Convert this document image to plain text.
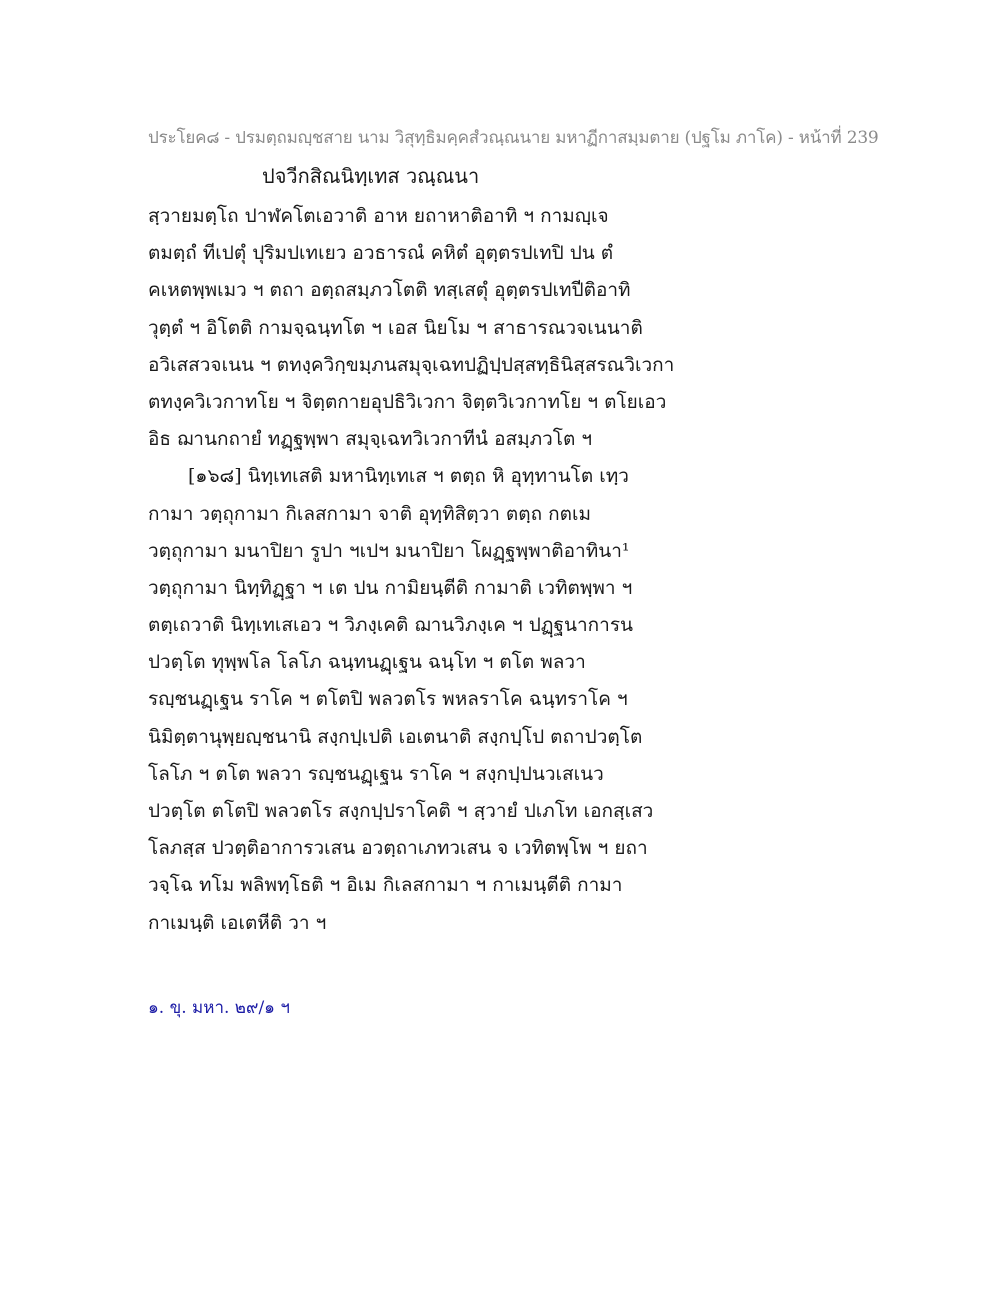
ประโยค๘ - ปรมตฺถมญฺชสาย นาม วิสุทฺธิมคฺคสํวณฺณนาย มหาฏีกาสมฺมตาย (ปฐโม ภาโค) - หน้าที่ 239
ปจวีกสิณนิทฺเทส วณฺณนา
สฺวายมตฺโถ ปาฬคโตเอวาติ อาห ยถาหาติอาทิ ฯ กามญฺเจ
ตมตฺถํ ทีเปตุํ ปุริมปเทเยว อวธารณํ คหิตํ อุตฺตรปเทปิ ปน ตํ
คเหตพฺพเมว ฯ ตถา อตฺถสมฺภวโตติ ทสฺเสตุํ อุตฺตรปเทปีติอาทิ
วุตฺตํ ฯ อิโตติ กามจฺฉนฺทโต ฯ เอส นิยโม ฯ สาธารณวจเนนาติ
อวิเสสวจเนน ฯ ตทงฺควิกฺขมฺภนสมุจฺเฉทปฏิปฺปสฺสทฺธินิสฺสรณวิเวกา
ตทงฺควิเวกาทโย ฯ จิตฺตกายอุปธิวิเวกา จิตฺตวิเวกาทโย ฯ ตโยเอว
อิธ ฌานกถายํ ทฏฺฐพฺพา สมุจฺเฉทวิเวกาทีนํ อสมฺภวโต ฯ
[๑๖๘] นิทฺเทเสติ มหานิทฺเทเส ฯ ตตฺถ หิ อุทฺทานโต เทฺว
กามา วตฺถุกามา กิเลสกามา จาติ อุทฺทิสิตฺวา ตตฺถ กตเม
วตฺถุกามา มนาปิยา รูปา ฯเปฯ มนาปิยา โผฏฺฐพฺพาติอาทินา¹
วตฺถุกามา นิทฺทิฏฺฐา ฯ เต ปน กามิยนฺตีติ กามาติ เวทิตพฺพา ฯ
ตตฺเถวาติ นิทฺเทเสเอว ฯ วิภงฺเคติ ฌานวิภงฺเค ฯ ปฏฺฐนาการน
ปวตฺโต ทุพฺพโล โลโภ ฉนฺทนฏฺเฐน ฉนฺโท ฯ ตโต พลวา
รญฺชนฏฺเฐน ราโค ฯ ตโตปิ พลวตโร พหลราโค ฉนฺทราโค ฯ
นิมิตฺตานุพฺยญฺชนานิ สงฺกปฺเปติ เอเตนาติ สงฺกปฺโป ตถาปวตฺโต
โลโภ ฯ ตโต พลวา รญฺชนฏฺเฐน ราโค ฯ สงฺกปฺปนวเสเนว
ปวตฺโต ตโตปิ พลวตโร สงฺกปฺปราโคติ ฯ สฺวายํ ปเภโท เอกสฺเสว
โลภสฺส ปวตฺติอาการวเสน อวตฺถาเภทวเสน จ เวทิตพฺโพ ฯ ยถา
วจฺโฉ ทโม พลิพทฺโธติ ฯ อิเม กิเลสกามา ฯ กาเมนฺตีติ กามา
กาเมนฺติ เอเตหีติ วา ฯ
๑. ขุ. มหา. ๒๙/๑ ฯ
